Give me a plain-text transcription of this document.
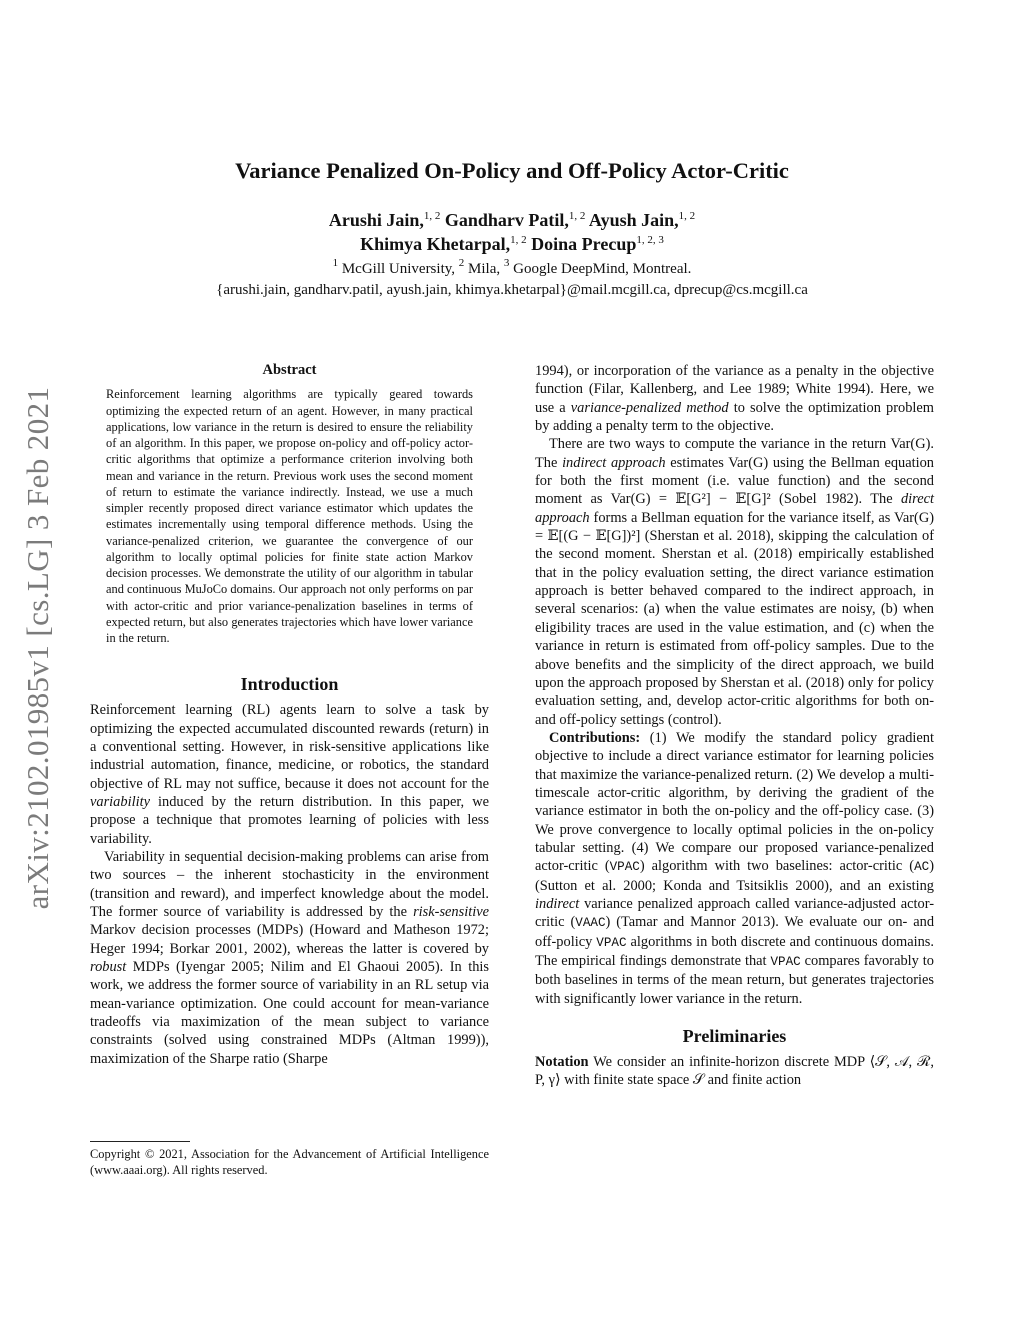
arXiv:2102.01985v1 [cs.LG] 3 Feb 2021
Variance Penalized On-Policy and Off-Policy Actor-Critic
Arushi Jain,$^{1, 2}$ Gandharv Patil,$^{1, 2}$ Ayush Jain,$^{1, 2}$
Khimya Khetarpal,$^{1, 2}$ Doina Precup$^{1, 2, 3}$
$^1$ McGill University, $^2$ Mila, $^3$ Google DeepMind, Montreal.
{arushi.jain, gandharv.patil, ayush.jain, khimya.khetarpal}@mail.mcgill.ca, dprecup@cs.mcgill.ca
Abstract

Reinforcement learning algorithms are typically geared towards optimizing the expected return of an agent. However, in many practical applications, low variance in the return is desired to ensure the reliability of an algorithm. In this paper, we propose on-policy and off-policy actor-critic algorithms that optimize a performance criterion involving both mean and variance in the return. Previous work uses the second moment of return to estimate the variance indirectly. Instead, we use a much simpler recently proposed direct variance estimator which updates the estimates incrementally using temporal difference methods. Using the variance-penalized criterion, we guarantee the convergence of our algorithm to locally optimal policies for finite state action Markov decision processes. We demonstrate the utility of our algorithm in tabular and continuous MuJoCo domains. Our approach not only performs on par with actor-critic and prior variance-penalization baselines in terms of expected return, but also generates trajectories which have lower variance in the return.

Introduction

Reinforcement learning (RL) agents learn to solve a task by optimizing the expected accumulated discounted rewards (return) in a conventional setting. However, in risk-sensitive applications like industrial automation, finance, medicine, or robotics, the standard objective of RL may not suffice, because it does not account for the variability induced by the return distribution. In this paper, we propose a technique that promotes learning of policies with less variability.

Variability in sequential decision-making problems can arise from two sources – the inherent stochasticity in the environment (transition and reward), and imperfect knowledge about the model. The former source of variability is addressed by the risk-sensitive Markov decision processes (MDPs) (Howard and Matheson 1972; Heger 1994; Borkar 2001, 2002), whereas the latter is covered by robust MDPs (Iyengar 2005; Nilim and El Ghaoui 2005). In this work, we address the former source of variability in an RL setup via mean-variance optimization. One could account for mean-variance tradeoffs via maximization of the mean subject to variance constraints (solved using constrained MDPs (Altman 1999)), maximization of the Sharpe ratio (Sharpe

1994), or incorporation of the variance as a penalty in the objective function (Filar, Kallenberg, and Lee 1989; White 1994). Here, we use a variance-penalized method to solve the optimization problem by adding a penalty term to the objective.

There are two ways to compute the variance in the return Var(G). The indirect approach estimates Var(G) using the Bellman equation for both the first moment (i.e. value function) and the second moment as Var(G) = 𝔼[G²] − 𝔼[G]² (Sobel 1982). The direct approach forms a Bellman equation for the variance itself, as Var(G) = 𝔼[(G − 𝔼[G])²] (Sherstan et al. 2018), skipping the calculation of the second moment. Sherstan et al. (2018) empirically established that in the policy evaluation setting, the direct variance estimation approach is better behaved compared to the indirect approach, in several scenarios: (a) when the value estimates are noisy, (b) when eligibility traces are used in the value estimation, and (c) when the variance in return is estimated from off-policy samples. Due to the above benefits and the simplicity of the direct approach, we build upon the approach proposed by Sherstan et al. (2018) only for policy evaluation setting, and, develop actor-critic algorithms for both on- and off-policy settings (control).

Contributions: (1) We modify the standard policy gradient objective to include a direct variance estimator for learning policies that maximize the variance-penalized return. (2) We develop a multi-timescale actor-critic algorithm, by deriving the gradient of the variance estimator in both the on-policy and the off-policy case. (3) We prove convergence to locally optimal policies in the on-policy tabular setting. (4) We compare our proposed variance-penalized actor-critic (VPAC) algorithm with two baselines: actor-critic (AC) (Sutton et al. 2000; Konda and Tsitsiklis 2000), and an existing indirect variance penalized approach called variance-adjusted actor-critic (VAAC) (Tamar and Mannor 2013). We evaluate our on- and off-policy VPAC algorithms in both discrete and continuous domains. The empirical findings demonstrate that VPAC compares favorably to both baselines in terms of the mean return, but generates trajectories with significantly lower variance in the return.

Preliminaries

Notation We consider an infinite-horizon discrete MDP ⟨𝒮, 𝒜, ℛ, P, γ⟩ with finite state space 𝒮 and finite action

Copyright © 2021, Association for the Advancement of Artificial Intelligence (www.aaai.org). All rights reserved.
